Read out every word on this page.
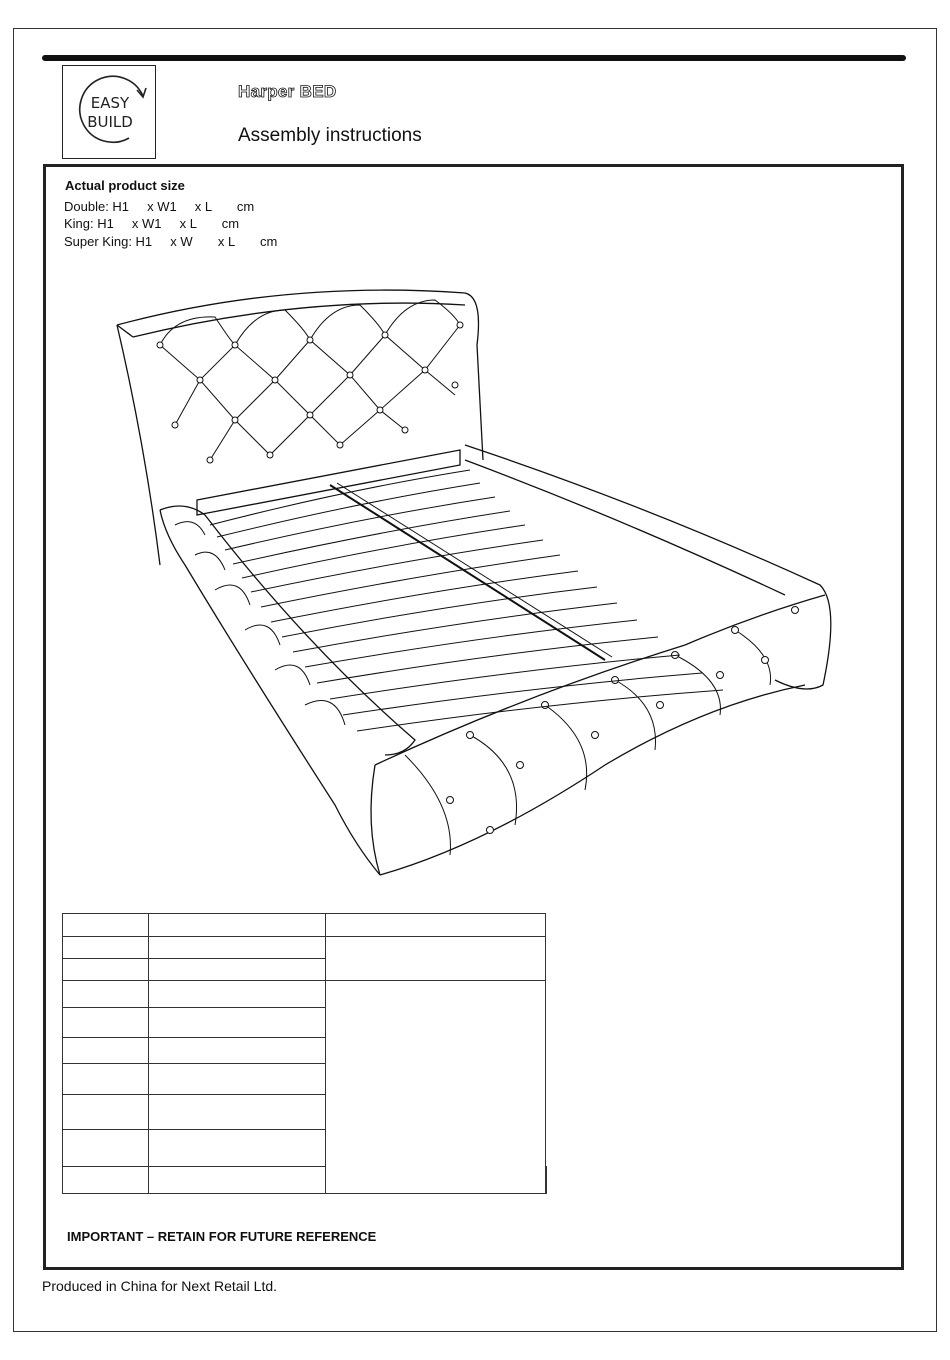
EASY
BUILD
Harper BED
Assembly instructions
Actual product size
Double: H1     x W1     x L       cm
King: H1     x W1     x L       cm
Super King: H1     x W       x L       cm

IMPORTANT – RETAIN FOR FUTURE REFERENCE
Produced in China for Next Retail Ltd.
